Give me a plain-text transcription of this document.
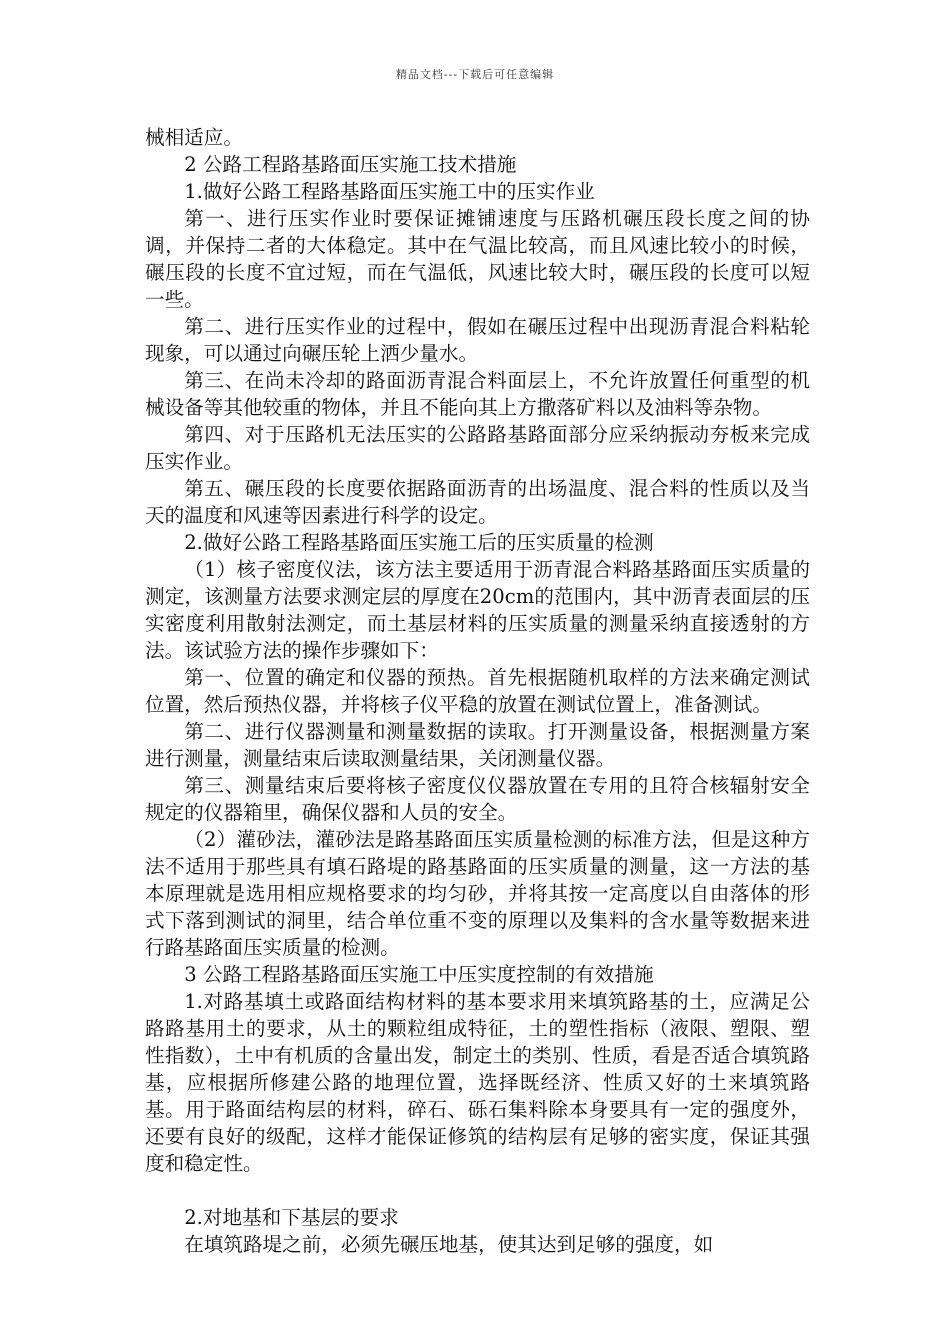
精品文档---下载后可任意编辑

械相适应。

2 公路工程路基路面压实施工技术措施

1.做好公路工程路基路面压实施工中的压实作业

第一、进行压实作业时要保证摊铺速度与压路机碾压段长度之间的协调，并保持二者的大体稳定。其中在气温比较高，而且风速比较小的时候，碾压段的长度不宜过短，而在气温低，风速比较大时，碾压段的长度可以短一些。

第二、进行压实作业的过程中，假如在碾压过程中出现沥青混合料粘轮现象，可以通过向碾压轮上洒少量水。

第三、在尚未冷却的路面沥青混合料面层上，不允许放置任何重型的机械设备等其他较重的物体，并且不能向其上方撒落矿料以及油料等杂物。

第四、对于压路机无法压实的公路路基路面部分应采纳振动夯板来完成压实作业。

第五、碾压段的长度要依据路面沥青的出场温度、混合料的性质以及当天的温度和风速等因素进行科学的设定。

2.做好公路工程路基路面压实施工后的压实质量的检测

（1）核子密度仪法，该方法主要适用于沥青混合料路基路面压实质量的测定，该测量方法要求测定层的厚度在20cm的范围内，其中沥青表面层的压实密度利用散射法测定，而土基层材料的压实质量的测量采纳直接透射的方法。该试验方法的操作步骤如下：

第一、位置的确定和仪器的预热。首先根据随机取样的方法来确定测试位置，然后预热仪器，并将核子仪平稳的放置在测试位置上，准备测试。

第二、进行仪器测量和测量数据的读取。打开测量设备，根据测量方案进行测量，测量结束后读取测量结果，关闭测量仪器。

第三、测量结束后要将核子密度仪仪器放置在专用的且符合核辐射安全规定的仪器箱里，确保仪器和人员的安全。

（2）灌砂法，灌砂法是路基路面压实质量检测的标准方法，但是这种方法不适用于那些具有填石路堤的路基路面的压实质量的测量，这一方法的基本原理就是选用相应规格要求的均匀砂，并将其按一定高度以自由落体的形式下落到测试的洞里，结合单位重不变的原理以及集料的含水量等数据来进行路基路面压实质量的检测。

3 公路工程路基路面压实施工中压实度控制的有效措施

1.对路基填土或路面结构材料的基本要求用来填筑路基的土，应满足公路路基用土的要求，从土的颗粒组成特征，土的塑性指标（液限、塑限、塑性指数），土中有机质的含量出发，制定土的类别、性质，看是否适合填筑路基，应根据所修建公路的地理位置，选择既经济、性质又好的土来填筑路基。用于路面结构层的材料，碎石、砾石集料除本身要具有一定的强度外，还要有良好的级配，这样才能保证修筑的结构层有足够的密实度，保证其强度和稳定性。

2.对地基和下基层的要求

在填筑路堤之前，必须先碾压地基，使其达到足够的强度，如
